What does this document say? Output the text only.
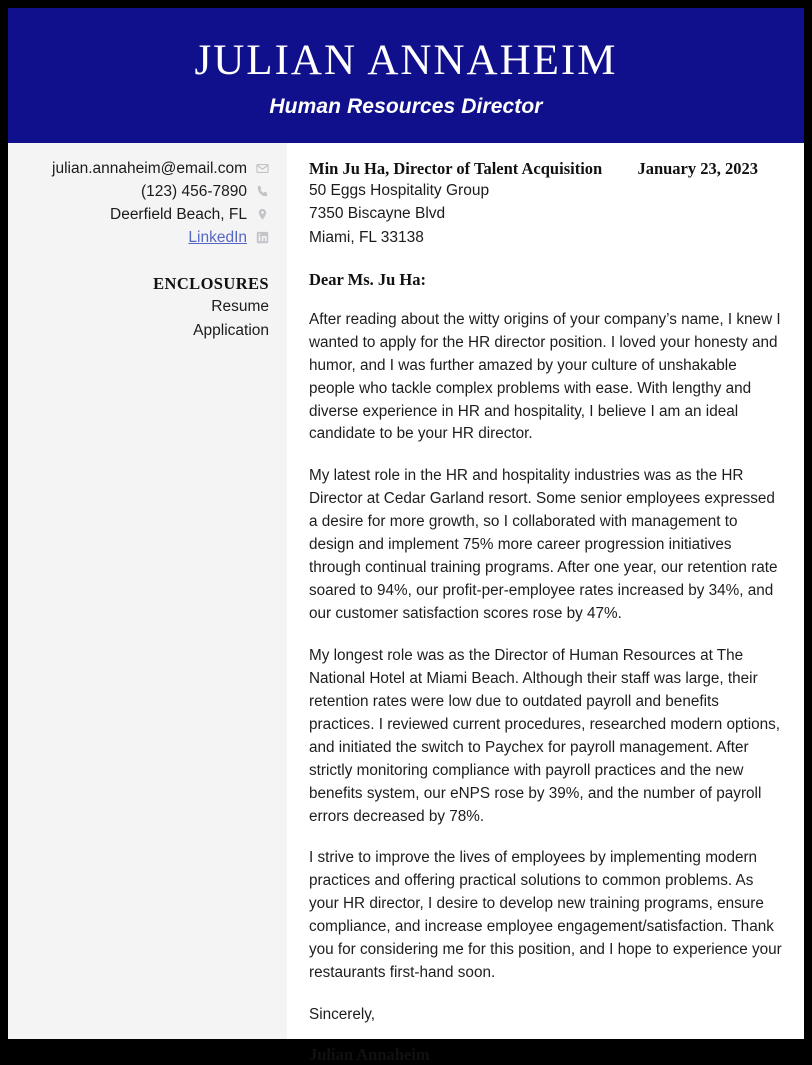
JULIAN ANNAHEIM
Human Resources Director
julian.annaheim@email.com
(123) 456-7890
Deerfield Beach, FL
LinkedIn
ENCLOSURES
Resume
Application
Min Ju Ha, Director of Talent Acquisition January 23, 2023
50 Eggs Hospitality Group
7350 Biscayne Blvd
Miami, FL 33138
Dear Ms. Ju Ha:
After reading about the witty origins of your company’s name, I knew I wanted to apply for the HR director position. I loved your honesty and humor, and I was further amazed by your culture of unshakable people who tackle complex problems with ease. With lengthy and diverse experience in HR and hospitality, I believe I am an ideal candidate to be your HR director.
My latest role in the HR and hospitality industries was as the HR Director at Cedar Garland resort. Some senior employees expressed a desire for more growth, so I collaborated with management to design and implement 75% more career progression initiatives through continual training programs. After one year, our retention rate soared to 94%, our profit-per-employee rates increased by 34%, and our customer satisfaction scores rose by 47%.
My longest role was as the Director of Human Resources at The National Hotel at Miami Beach. Although their staff was large, their retention rates were low due to outdated payroll and benefits practices. I reviewed current procedures, researched modern options, and initiated the switch to Paychex for payroll management. After strictly monitoring compliance with payroll practices and the new benefits system, our eNPS rose by 39%, and the number of payroll errors decreased by 78%.
I strive to improve the lives of employees by implementing modern practices and offering practical solutions to common problems. As your HR director, I desire to develop new training programs, ensure compliance, and increase employee engagement/satisfaction. Thank you for considering me for this position, and I hope to experience your restaurants first-hand soon.
Sincerely,
Julian Annaheim
